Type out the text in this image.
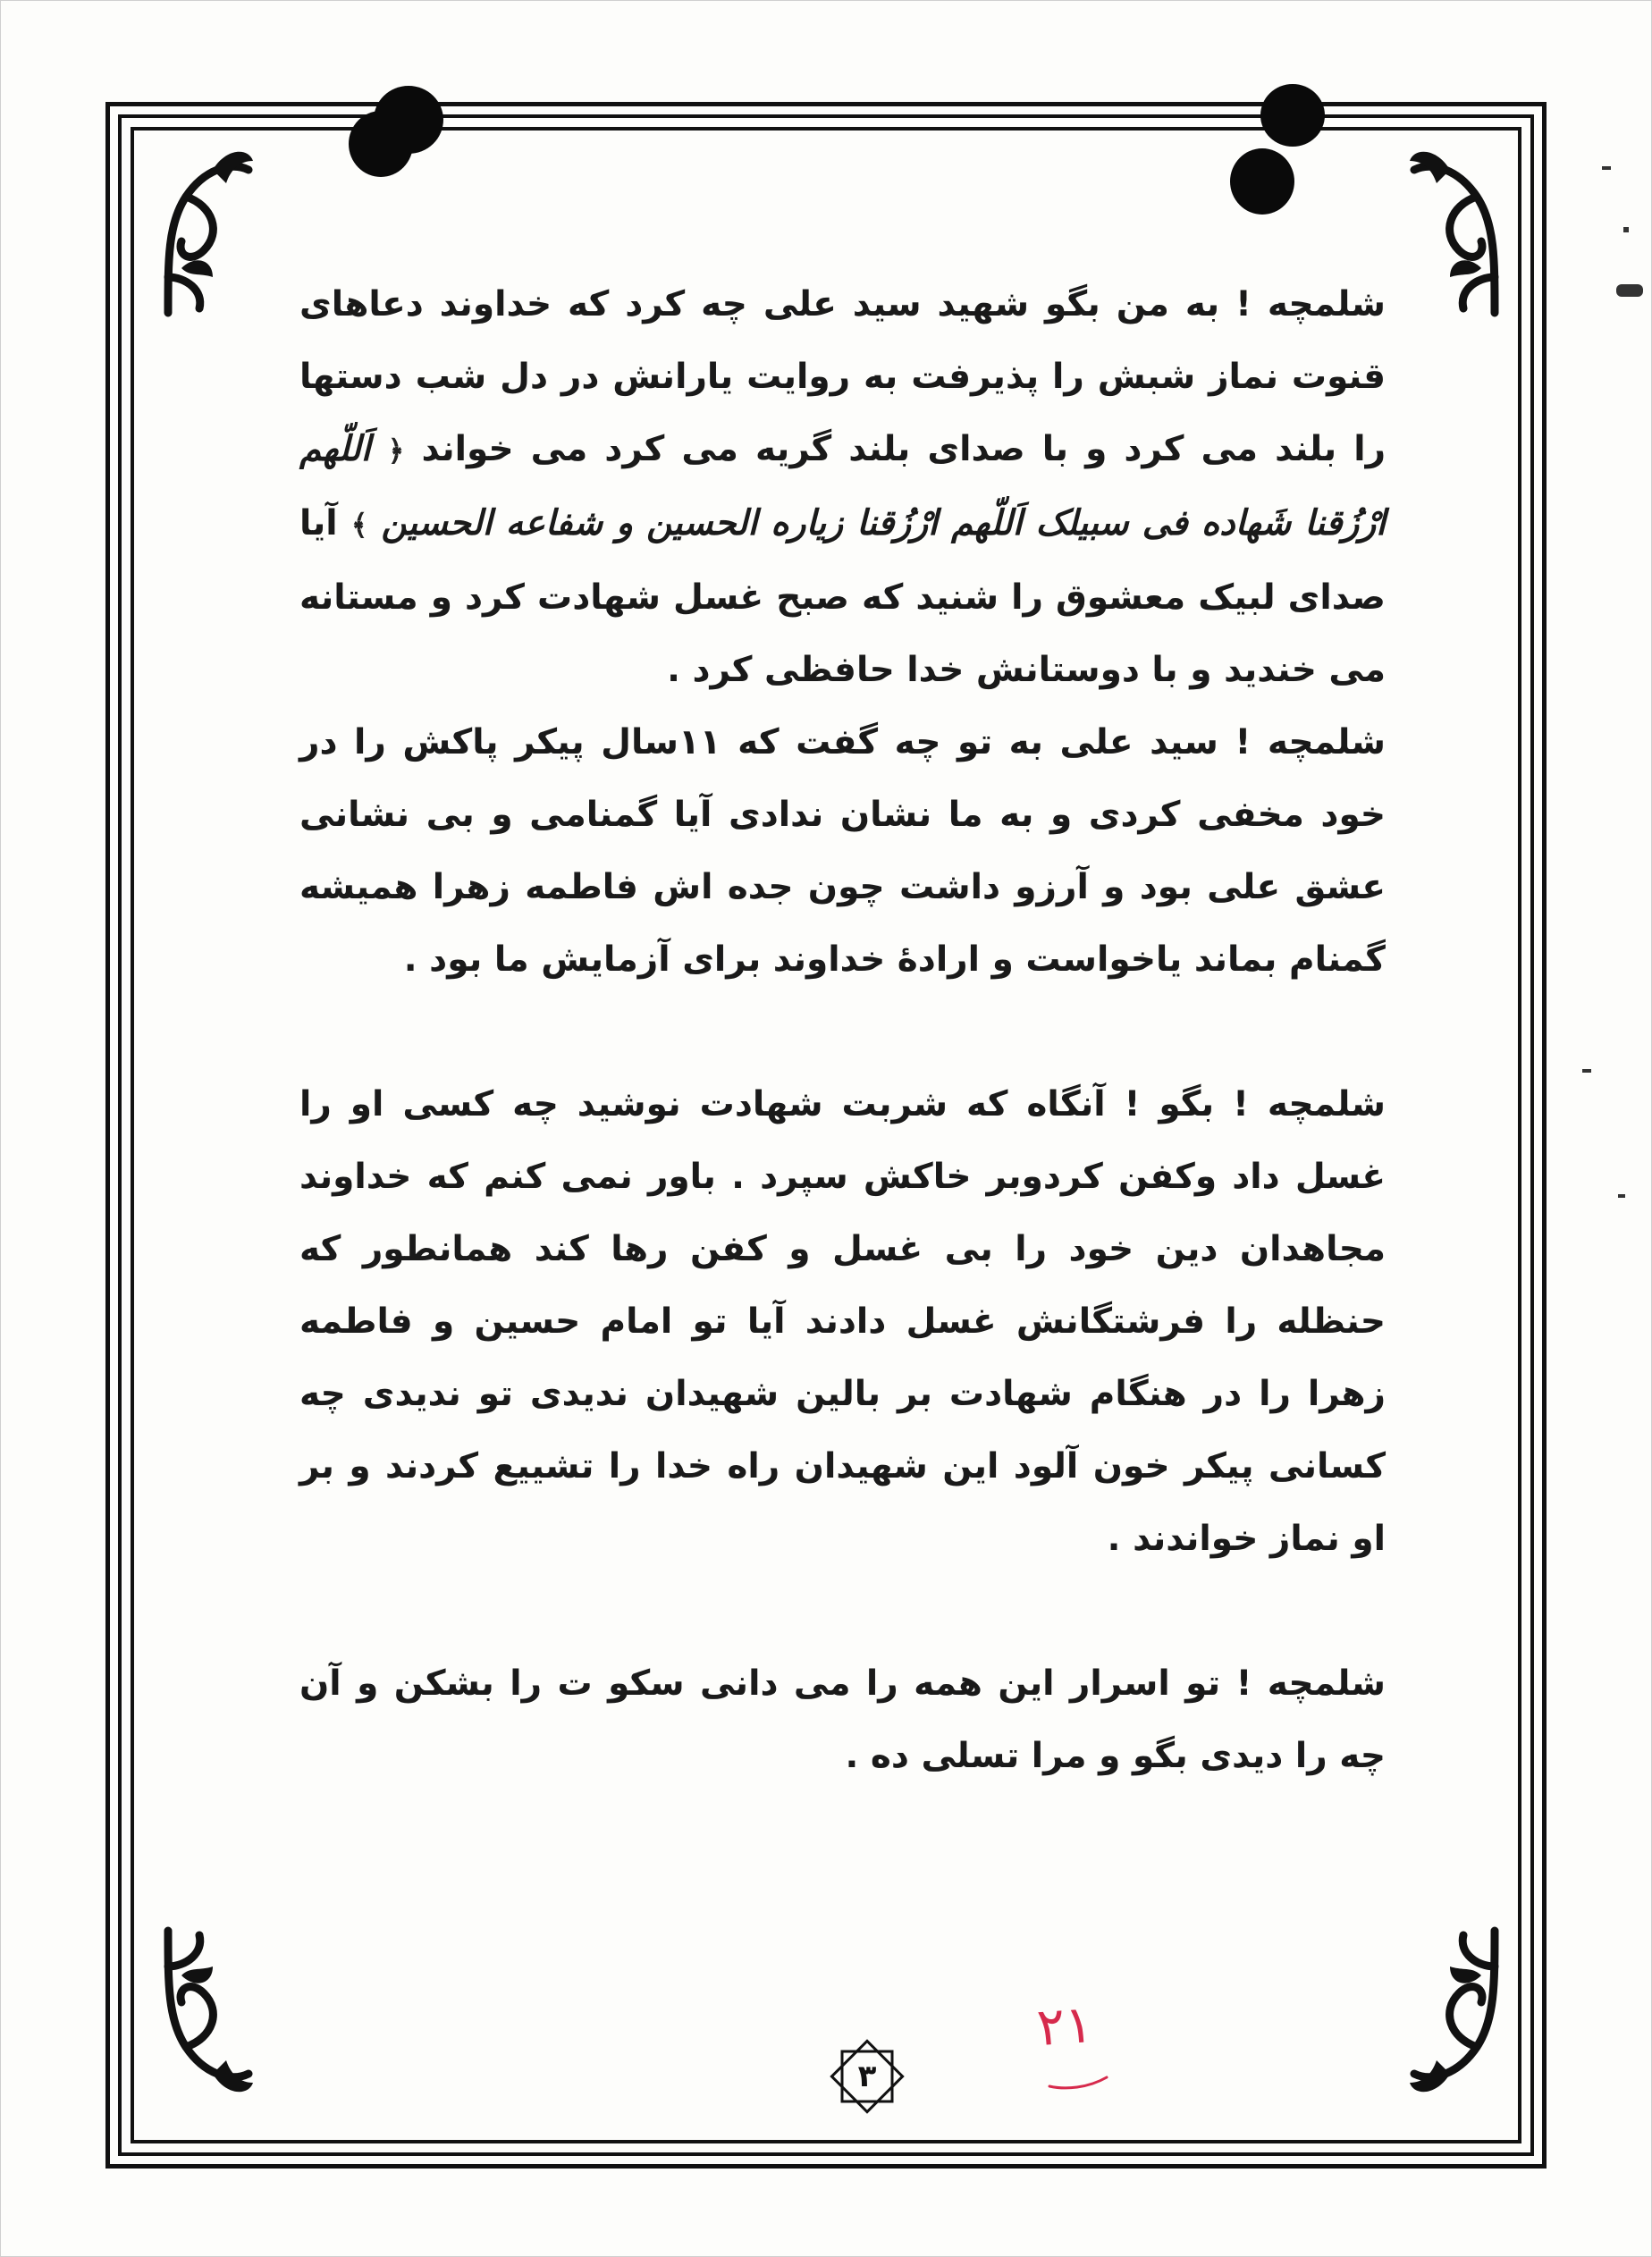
شلمچه ! به من بگو شهید سید علی چه کرد که خداوند دعاهای قنوت نماز شبش را پذیرفت به روایت یارانش در دل شب دستها را بلند می کرد و با صدای بلند گریه می کرد می خواند ﴿ اَللّهم ارْزُقنا شَهاده فی سبیلک اَللّهم ارْزُقنا زیاره الحسین و شفاعه الحسین ﴾ آیا صدای لبیک معشوق را شنید که صبح غسل شهادت کرد و مستانه می خندید و با دوستانش خدا حافظی کرد .

شلمچه ! سید علی به تو چه گفت که ۱۱سال پیکر پاکش را در خود مخفی کردی و به ما نشان ندادی آیا گمنامی و بی نشانی عشق علی بود و آرزو داشت چون جده اش فاطمه زهرا همیشه گمنام بماند یاخواست و ارادهٔ خداوند برای آزمایش ما بود .

شلمچه ! بگو ! آنگاه که شربت شهادت نوشید چه کسی او را غسل داد وکفن کردوبر خاکش سپرد . باور نمی کنم که خداوند مجاهدان دین خود را بی غسل و کفن رها کند همانطور که حنظله را فرشتگانش غسل دادند آیا تو امام حسین و فاطمه زهرا را در هنگام شهادت بر بالین شهیدان ندیدی تو ندیدی چه کسانی پیکر خون آلود این شهیدان راه خدا را تشییع کردند و بر او نماز خواندند .

شلمچه ! تو اسرار این همه را می دانی سکو ت را بشکن و آن چه را دیدی بگو و مرا تسلی ده .

۳
۲۱
